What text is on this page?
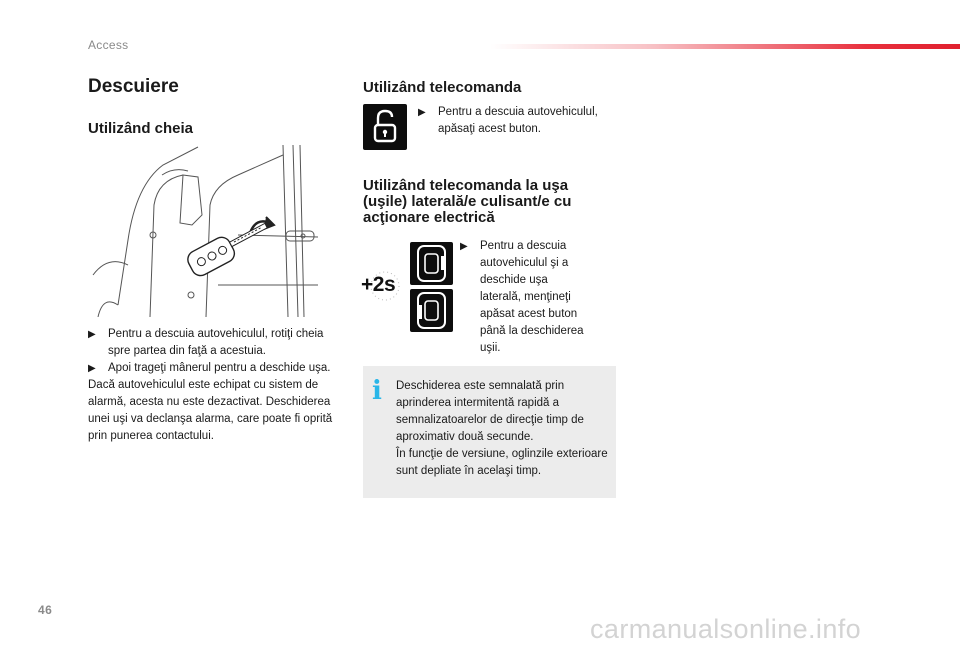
Access
Descuiere
Utilizând cheia
▶︎	Pentru a descuia autovehiculul, rotiţi cheia spre partea din faţă a acestuia.
▶︎	Apoi trageţi mânerul pentru a deschide uşa.
Dacă autovehiculul este echipat cu sistem de alarmă, acesta nu este dezactivat. Deschiderea unei uşi va declanşa alarma, care poate fi oprită prin punerea contactului.
Utilizând telecomanda
▶︎	Pentru a descuia autovehiculul, apăsaţi acest buton.
Utilizând telecomanda la uşa (uşile) laterală/e culisant/e cu acţionare electrică
+2s
▶︎	Pentru a descuia autovehiculul şi a deschide uşa laterală, menţineţi apăsat acest buton până la deschiderea uşii.
i	Deschiderea este semnalată prin aprinderea intermitentă rapidă a semnalizatoarelor de direcţie timp de aproximativ două secunde.
În funcţie de versiune, oglinzile exterioare sunt depliate în acelaşi timp.
46
carmanualsonline.info
